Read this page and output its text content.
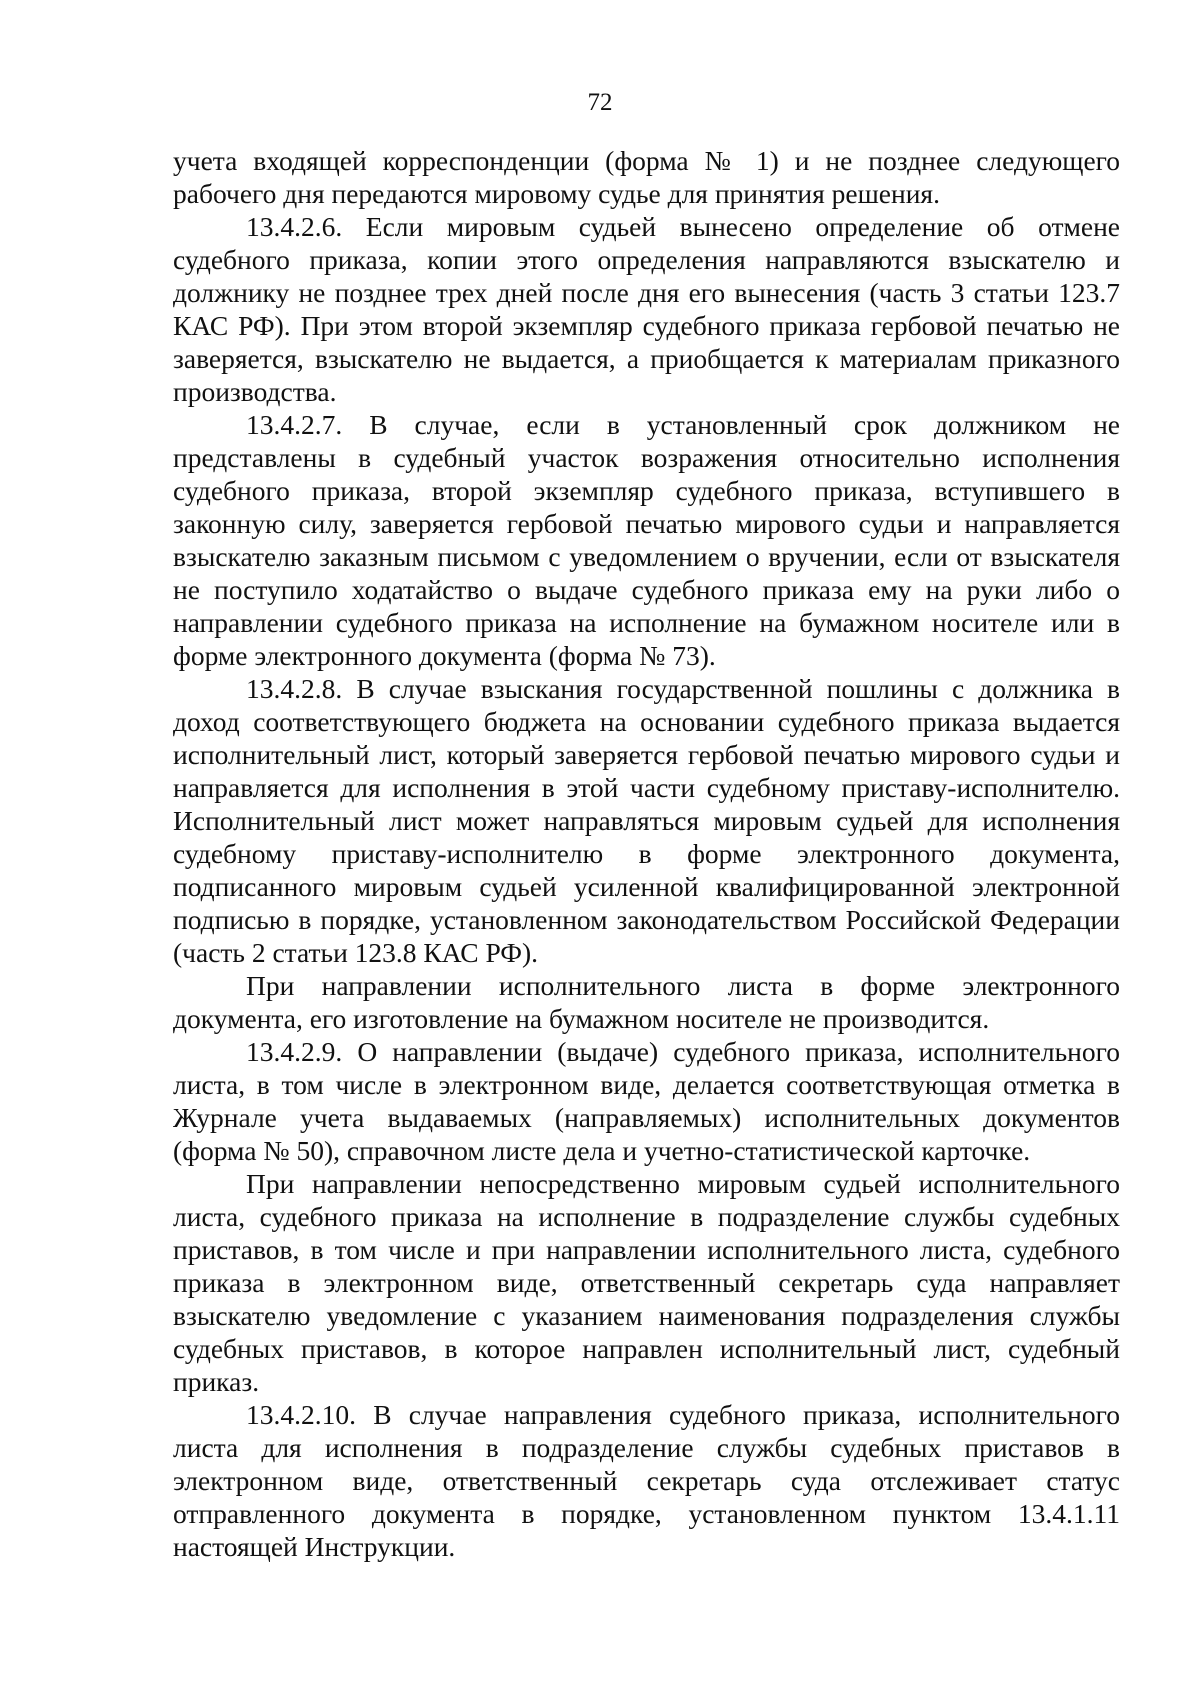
72

учета входящей корреспонденции (форма № 1) и не позднее следующего рабочего дня передаются мировому судье для принятия решения.

13.4.2.6. Если мировым судьей вынесено определение об отмене судебного приказа, копии этого определения направляются взыскателю и должнику не позднее трех дней после дня его вынесения (часть 3 статьи 123.7 КАС РФ). При этом второй экземпляр судебного приказа гербовой печатью не заверяется, взыскателю не выдается, а приобщается к материалам приказного производства.

13.4.2.7. В случае, если в установленный срок должником не представлены в судебный участок возражения относительно исполнения судебного приказа, второй экземпляр судебного приказа, вступившего в законную силу, заверяется гербовой печатью мирового судьи и направляется взыскателю заказным письмом с уведомлением о вручении, если от взыскателя не поступило ходатайство о выдаче судебного приказа ему на руки либо о направлении судебного приказа на исполнение на бумажном носителе или в форме электронного документа (форма № 73).

13.4.2.8. В случае взыскания государственной пошлины с должника в доход соответствующего бюджета на основании судебного приказа выдается исполнительный лист, который заверяется гербовой печатью мирового судьи и направляется для исполнения в этой части судебному приставу-исполнителю. Исполнительный лист может направляться мировым судьей для исполнения судебному приставу-исполнителю в форме электронного документа, подписанного мировым судьей усиленной квалифицированной электронной подписью в порядке, установленном законодательством Российской Федерации (часть 2 статьи 123.8 КАС РФ).

При направлении исполнительного листа в форме электронного документа, его изготовление на бумажном носителе не производится.

13.4.2.9. О направлении (выдаче) судебного приказа, исполнительного листа, в том числе в электронном виде, делается соответствующая отметка в Журнале учета выдаваемых (направляемых) исполнительных документов (форма № 50), справочном листе дела и учетно-статистической карточке.

При направлении непосредственно мировым судьей исполнительного листа, судебного приказа на исполнение в подразделение службы судебных приставов, в том числе и при направлении исполнительного листа, судебного приказа в электронном виде, ответственный секретарь суда направляет взыскателю уведомление с указанием наименования подразделения службы судебных приставов, в которое направлен исполнительный лист, судебный приказ.

13.4.2.10. В случае направления судебного приказа, исполнительного листа для исполнения в подразделение службы судебных приставов в электронном виде, ответственный секретарь суда отслеживает статус отправленного документа в порядке, установленном пунктом 13.4.1.11 настоящей Инструкции.
